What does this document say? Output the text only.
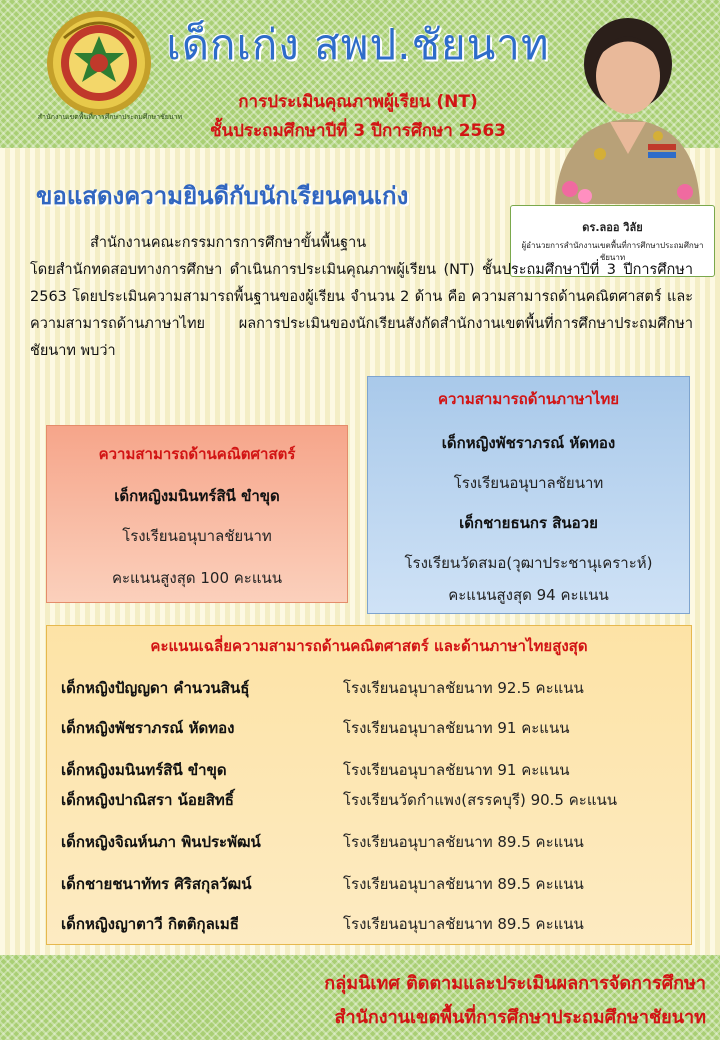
สำนักงานเขตพื้นที่การศึกษาประถมศึกษาชัยนาท
เด็กเก่ง สพป.ชัยนาท
การประเมินคุณภาพผู้เรียน (NT)
ชั้นประถมศึกษาปีที่ 3 ปีการศึกษา 2563
ดร.ลออ วิลัย
ผู้อำนวยการสำนักงานเขตพื้นที่การศึกษาประถมศึกษาชัยนาท
ขอแสดงความยินดีกับนักเรียนคนเก่ง
สำนักงานคณะกรรมการการศึกษาขั้นพื้นฐาน
โดยสำนักทดสอบทางการศึกษา ดำเนินการประเมินคุณภาพผู้เรียน (NT) ชั้นประถมศึกษาปีที่ 3 ปีการศึกษา 2563 โดยประเมินความสามารถพื้นฐานของผู้เรียน จำนวน 2 ด้าน คือ ความสามารถด้านคณิตศาสตร์ และความสามารถด้านภาษาไทย ผลการประเมินของนักเรียนสังกัดสำนักงานเขตพื้นที่การศึกษาประถมศึกษาชัยนาท พบว่า
ความสามารถด้านคณิตศาสตร์
เด็กหญิงมนินทร์สินี ขำขุด
โรงเรียนอนุบาลชัยนาท
คะแนนสูงสุด 100 คะแนน
ความสามารถด้านภาษาไทย
เด็กหญิงพัชราภรณ์ หัดทอง
โรงเรียนอนุบาลชัยนาท
เด็กชายธนกร สินอวย
โรงเรียนวัดสมอ(วุฒาประชานุเคราะห์)
คะแนนสูงสุด 94 คะแนน
คะแนนเฉลี่ยความสามารถด้านคณิตศาสตร์ และด้านภาษาไทยสูงสุด
เด็กหญิงปัญญดา คำนวนสินธุ์	โรงเรียนอนุบาลชัยนาท 92.5 คะแนน
เด็กหญิงพัชราภรณ์ หัดทอง	โรงเรียนอนุบาลชัยนาท 91 คะแนน
เด็กหญิงมนินทร์สินี ขำขุด	โรงเรียนอนุบาลชัยนาท 91 คะแนน
เด็กหญิงปาณิสรา น้อยสิทธิ์	โรงเรียนวัดกำแพง(สรรคบุรี) 90.5 คะแนน
เด็กหญิงจิณห์นภา พินประพัฒน์	โรงเรียนอนุบาลชัยนาท 89.5 คะแนน
เด็กชายชนาทัทร ศิริสกุลวัฒน์	โรงเรียนอนุบาลชัยนาท 89.5 คะแนน
เด็กหญิงญาตาวี กิตติกุลเมธี	โรงเรียนอนุบาลชัยนาท 89.5 คะแนน
กลุ่มนิเทศ ติดตามและประเมินผลการจัดการศึกษา
สำนักงานเขตพื้นที่การศึกษาประถมศึกษาชัยนาท
